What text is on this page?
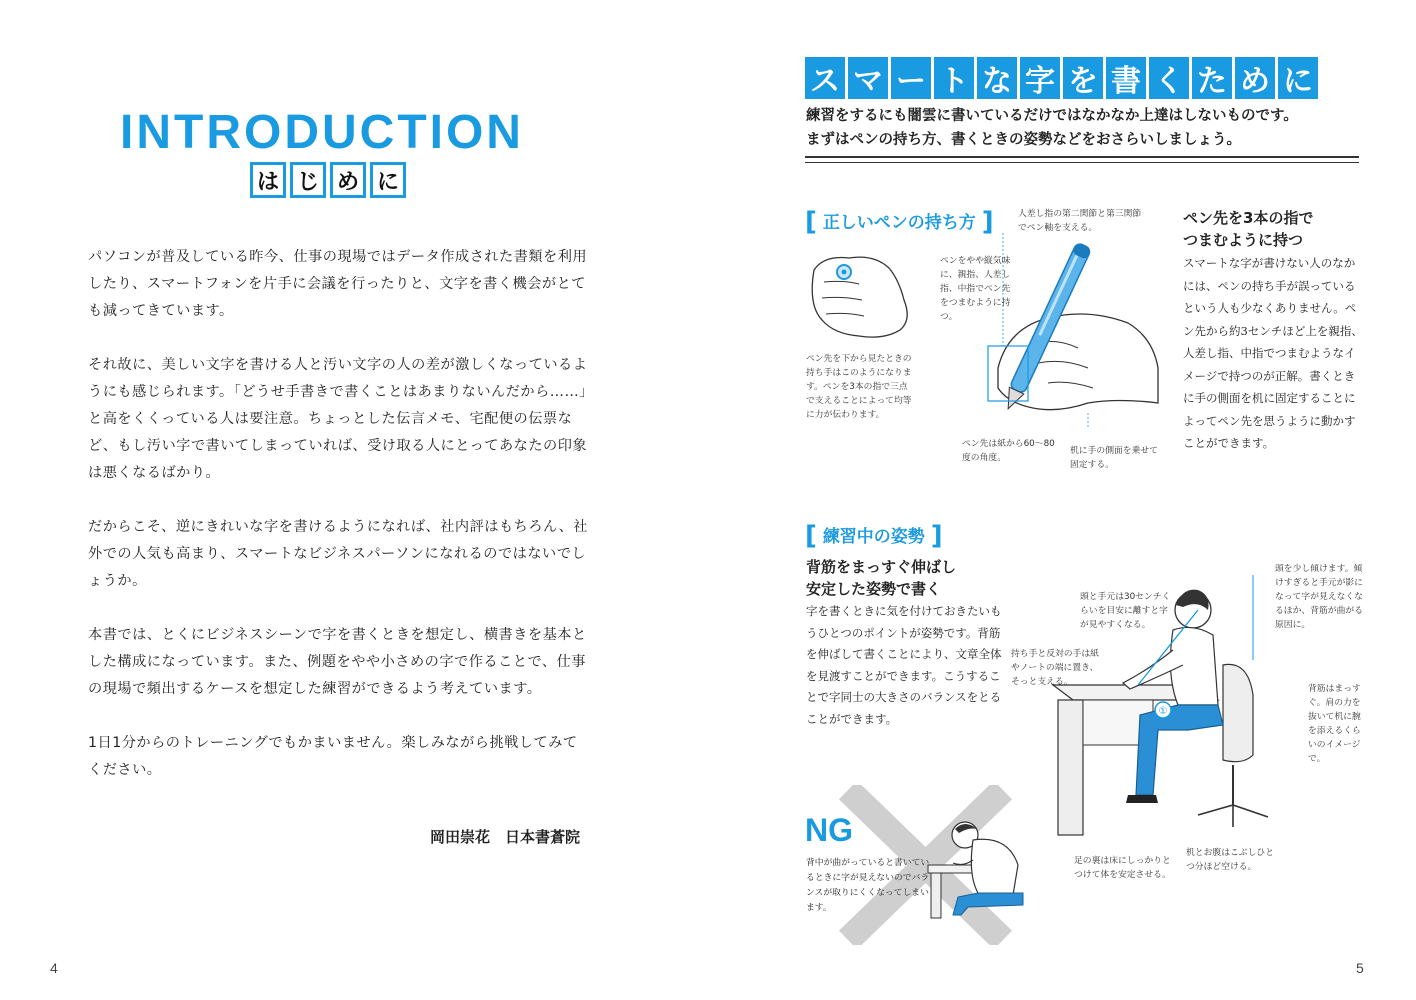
INTRODUCTION
は じ め に

パソコンが普及している昨今、仕事の現場ではデータ作成された書類を利用したり、スマートフォンを片手に会議を行ったりと、文字を書く機会がとても減ってきています。

それ故に、美しい文字を書ける人と汚い文字の人の差が激しくなっているようにも感じられます。「どうせ手書きで書くことはあまりないんだから……」と高をくくっている人は要注意。ちょっとした伝言メモ、宅配便の伝票など、もし汚い字で書いてしまっていれば、受け取る人にとってあなたの印象は悪くなるばかり。

だからこそ、逆にきれいな字を書けるようになれば、社内評はもちろん、社外での人気も高まり、スマートなビジネスパーソンになれるのではないでしょうか。

本書では、とくにビジネスシーンで字を書くときを想定し、横書きを基本とした構成になっています。また、例題をやや小さめの字で作ることで、仕事の現場で頻出するケースを想定した練習ができるよう考えています。

1日1分からのトレーニングでもかまいません。楽しみながら挑戦してみてください。

岡田崇花　日本書蒼院
4
ス マ ー ト な 字 を 書 く た め に
練習をするにも闇雲に書いているだけではなかなか上達はしないものです。
まずはペンの持ち方、書くときの姿勢などをおさらいしましょう。
[ 正しいペンの持ち方 ]
ペン先を下から見たときの持ち手はこのようになります。ペンを3本の指で三点で支えることによって均等に力が伝わります。
人差し指の第二関節と第三関節でペン軸を支える。
ペンをやや縦気味に、親指、人差し指、中指でペン先をつまむように持つ。
ペン先は紙から60〜80度の角度。
机に手の側面を乗せて固定する。
ペン先を3本の指で
つまむように持つ
スマートな字が書けない人のなかには、ペンの持ち手が誤っているという人も少なくありません。ペン先から約3センチほど上を親指、人差し指、中指でつまむようなイメージで持つのが正解。書くときに手の側面を机に固定することによってペン先を思うように動かすことができます。
[ 練習中の姿勢 ]
背筋をまっすぐ伸ばし
安定した姿勢で書く
字を書くときに気を付けておきたいもうひとつのポイントが姿勢です。背筋を伸ばして書くことにより、文章全体を見渡すことができます。こうすることで字同士の大きさのバランスをとることができます。	①
頭を少し傾けます。傾けすぎると手元が影になって字が見えなくなるほか、背筋が曲がる原因に。
頭と手元は30センチくらいを目安に離すと字が見やすくなる。
持ち手と反対の手は紙やノートの端に置き、そっと支える。
背筋はまっすぐ。肩の力を抜いて机に腕を添えるくらいのイメージで。
足の裏は床にしっかりとつけて体を安定させる。
机とお腹はこぶしひとつ分ほど空ける。
NG
背中が曲がっていると書いているときに字が見えないのでバランスが取りにくくなってしまいます。
5
